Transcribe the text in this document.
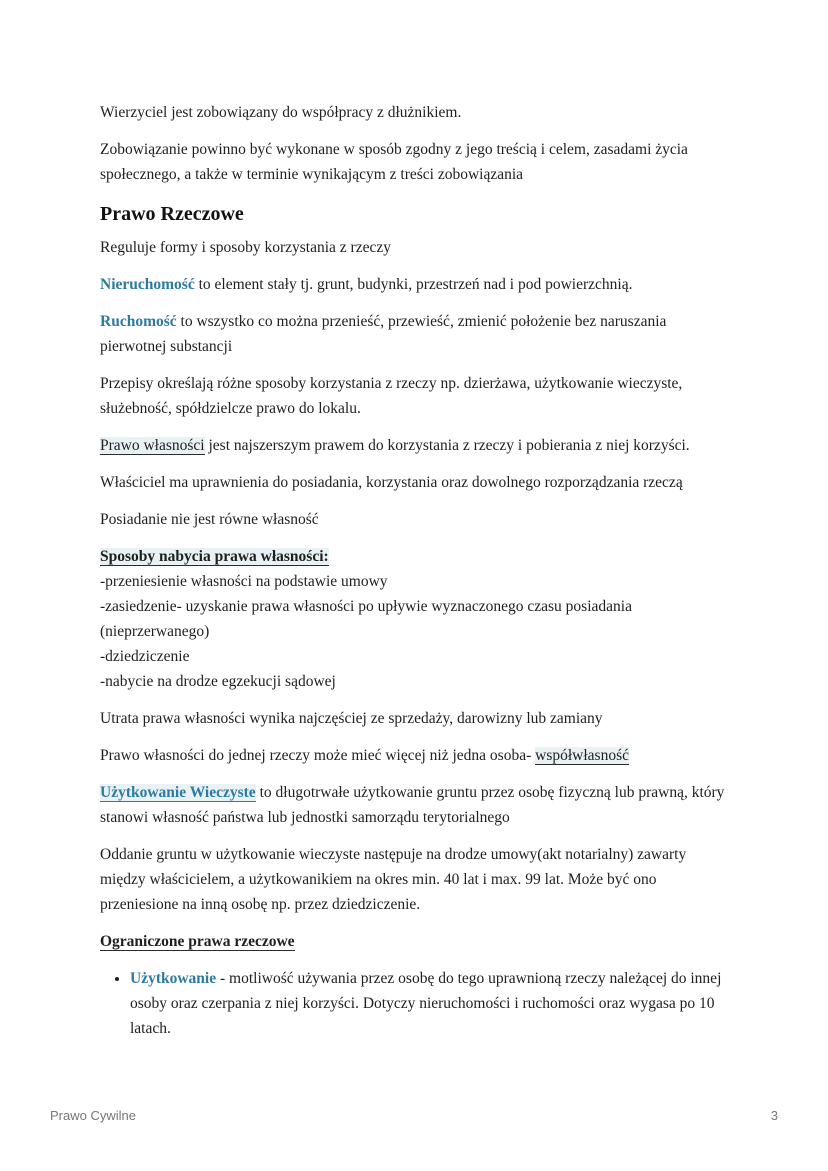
Wierzyciel jest zobowiązany do współpracy z dłużnikiem.

Zobowiązanie powinno być wykonane w sposób zgodny z jego treścią i celem, zasadami życia społecznego, a także w terminie wynikającym z treści zobowiązania

Prawo Rzeczowe

Reguluje formy i sposoby korzystania z rzeczy

Nieruchomość to element stały tj. grunt, budynki, przestrzeń nad i pod powierzchnią.

Ruchomość to wszystko co można przenieść, przewieść, zmienić położenie bez naruszania pierwotnej substancji

Przepisy określają różne sposoby korzystania z rzeczy np. dzierżawa, użytkowanie wieczyste, służebność, spółdzielcze prawo do lokalu.

Prawo własności jest najszerszym prawem do korzystania z rzeczy i pobierania z niej korzyści.

Właściciel ma uprawnienia do posiadania, korzystania oraz dowolnego rozporządzania rzeczą

Posiadanie nie jest równe własność

Sposoby nabycia prawa własności:
-przeniesienie własności na podstawie umowy
-zasiedzenie- uzyskanie prawa własności po upływie wyznaczonego czasu posiadania (nieprzerwanego)
-dziedziczenie
-nabycie na drodze egzekucji sądowej

Utrata prawa własności wynika najczęściej ze sprzedaży, darowizny lub zamiany

Prawo własności do jednej rzeczy może mieć więcej niż jedna osoba- współwłasność

Użytkowanie Wieczyste to długotrwałe użytkowanie gruntu przez osobę fizyczną lub prawną, który stanowi własność państwa lub jednostki samorządu terytorialnego

Oddanie gruntu w użytkowanie wieczyste następuje na drodze umowy(akt notarialny) zawarty między właścicielem, a użytkowanikiem na okres min. 40 lat i max. 99 lat. Może być ono przeniesione na inną osobę np. przez dziedziczenie.

Ograniczone prawa rzeczowe

• Użytkowanie - motliwość używania przez osobę do tego uprawnioną rzeczy należącej do innej osoby oraz czerpania z niej korzyści. Dotyczy nieruchomości i ruchomości oraz wygasa po 10 latach.
Prawo Cywilne	3
